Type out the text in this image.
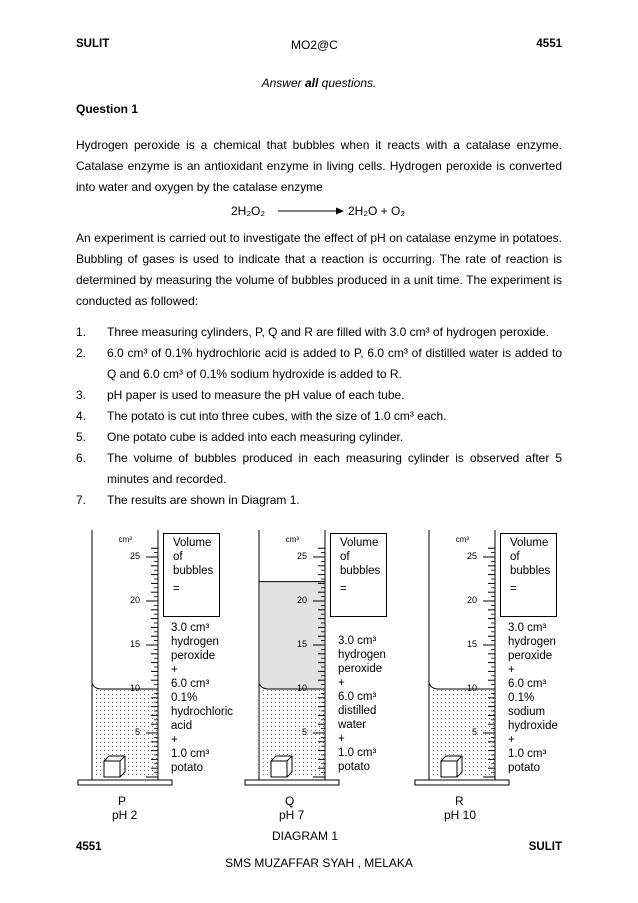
SULIT	MO2@C	4551
Answer all questions.
Question 1
Hydrogen peroxide is a chemical that bubbles when it reacts with a catalase enzyme. Catalase enzyme is an antioxidant enzyme in living cells. Hydrogen peroxide is converted into water and oxygen by the catalase enzyme
2H₂O₂	2H₂O + O₂
An experiment is carried out to investigate the effect of pH on catalase enzyme in potatoes. Bubbling of gases is used to indicate that a reaction is occurring. The rate of reaction is determined by measuring the volume of bubbles produced in a unit time. The experiment is conducted as followed:
1. Three measuring cylinders, P, Q and R are filled with 3.0 cm³ of hydrogen peroxide.
2. 6.0 cm³ of 0.1% hydrochloric acid is added to P, 6.0 cm³ of distilled water is added to Q and 6.0 cm³ of 0.1% sodium hydroxide is added to R.
3. pH paper is used to measure the pH value of each tube.
4. The potato is cut into three cubes, with the size of 1.0 cm³ each.
5. One potato cube is added into each measuring cylinder.
6. The volume of bubbles produced in each measuring cylinder is observed after 5 minutes and recorded.
7. The results are shown in Diagram 1.
cm³
25
20
15
10
5
Volume
of
bubbles
=
3.0 cm³
hydrogen
peroxide
+
6.0 cm³
0.1%
hydrochloric
acid
+
1.0 cm³
potato
P
pH 2
cm³
25
20
15
10
5
Volume
of
bubbles
=
3.0 cm³
hydrogen
peroxide
+
6.0 cm³
distilled
water
+
1.0 cm³
potato
Q
pH 7
cm³
25
20
15
10
5
Volume
of
bubbles
=
3.0 cm³
hydrogen
peroxide
+
6.0 cm³
0.1%
sodium
hydroxide
+
1.0 cm³
potato
R
pH 10
DIAGRAM 1
4551	SULIT
SMS MUZAFFAR SYAH , MELAKA
